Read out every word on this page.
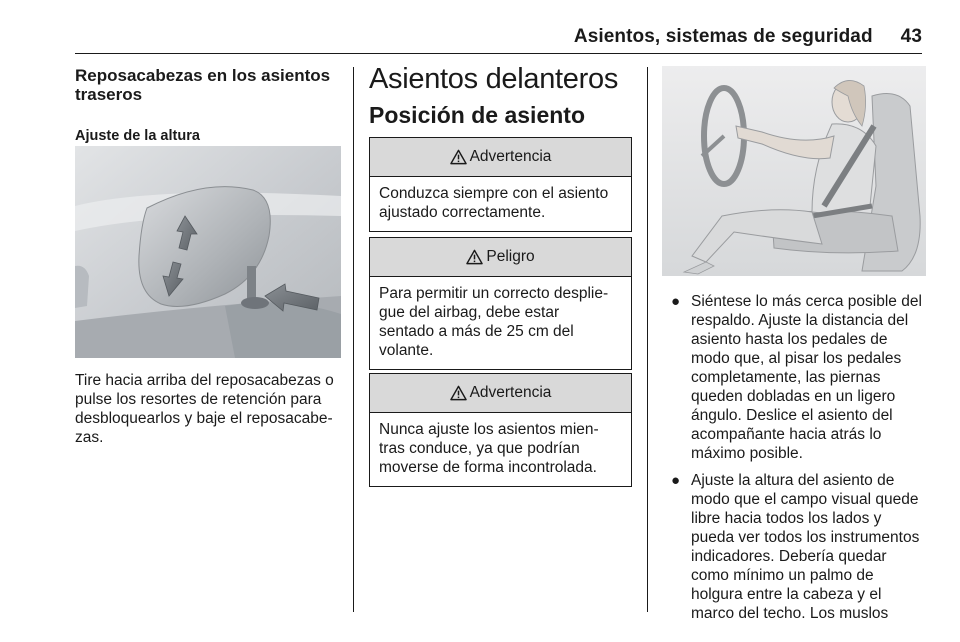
Asientos, sistemas de seguridad 43
Reposacabezas en los asientos traseros
Ajuste de la altura
Tire hacia arriba del reposacabezas o
pulse los resortes de retención para
desbloquearlos y baje el reposacabe-
zas.
Asientos delanteros
Posición de asiento
Advertencia

Conduzca siempre con el asiento

ajustado correctamente.

Peligro

Para permitir un correcto desplie-

gue del airbag, debe estar

sentado a más de 25 cm del

volante.

Advertencia

Nunca ajuste los asientos mien-

tras conduce, ya que podrían

moverse de forma incontrolada.

● Siéntese lo más cerca posible del
respaldo. Ajuste la distancia del
asiento hasta los pedales de
modo que, al pisar los pedales
completamente, las piernas
queden dobladas en un ligero
ángulo. Deslice el asiento del
acompañante hacia atrás lo
máximo posible.
● Ajuste la altura del asiento de
modo que el campo visual quede
libre hacia todos los lados y
pueda ver todos los instrumentos
indicadores. Debería quedar
como mínimo un palmo de
holgura entre la cabeza y el
marco del techo. Los muslos
